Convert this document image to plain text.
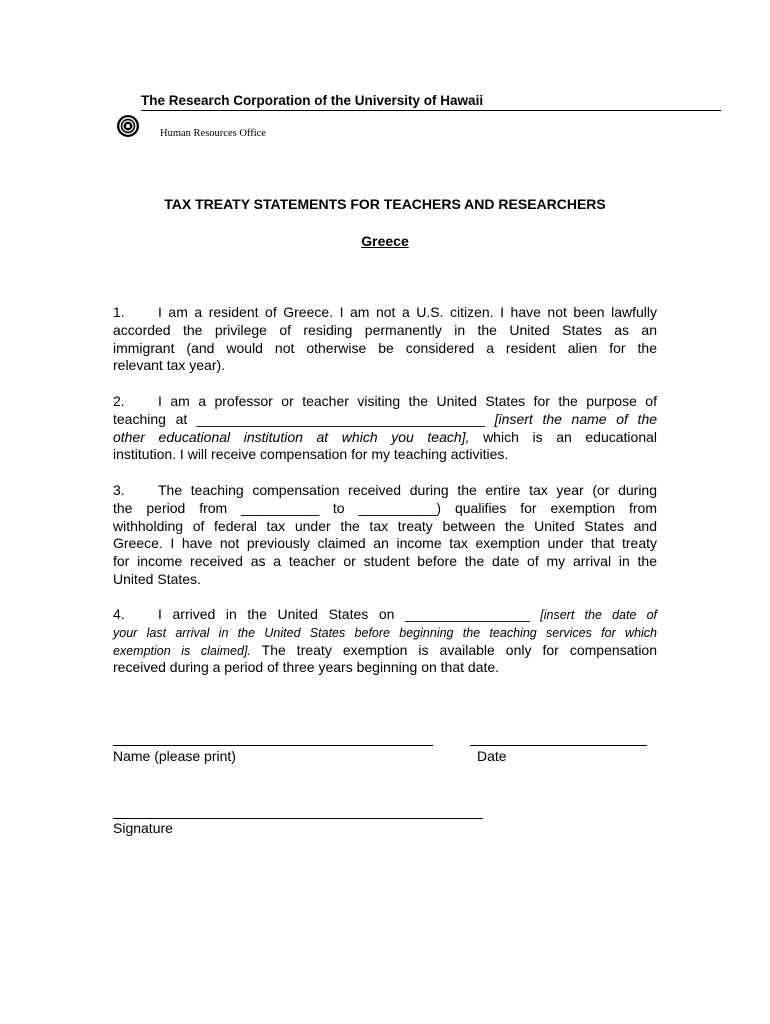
The Research Corporation of the University of Hawaii
Human Resources Office
TAX TREATY STATEMENTS FOR TEACHERS AND RESEARCHERS
Greece
1. I am a resident of Greece. I am not a U.S. citizen. I have not been lawfully
accorded the privilege of residing permanently in the United States as an
immigrant (and would not otherwise be considered a resident alien for the
relevant tax year).
2. I am a professor or teacher visiting the United States for the purpose of
teaching at _____________________________________ [insert the name of the
other educational institution at which you teach], which is an educational
institution. I will receive compensation for my teaching activities.
3. The teaching compensation received during the entire tax year (or during
the period from __________ to __________) qualifies for exemption from
withholding of federal tax under the tax treaty between the United States and
Greece. I have not previously claimed an income tax exemption under that treaty
for income received as a teacher or student before the date of my arrival in the
United States.
4. I arrived in the United States on ________________ [insert the date of
your last arrival in the United States before beginning the teaching services for which
exemption is claimed]. The treaty exemption is available only for compensation
received during a period of three years beginning on that date.
Name (please print)	Date
Signature
